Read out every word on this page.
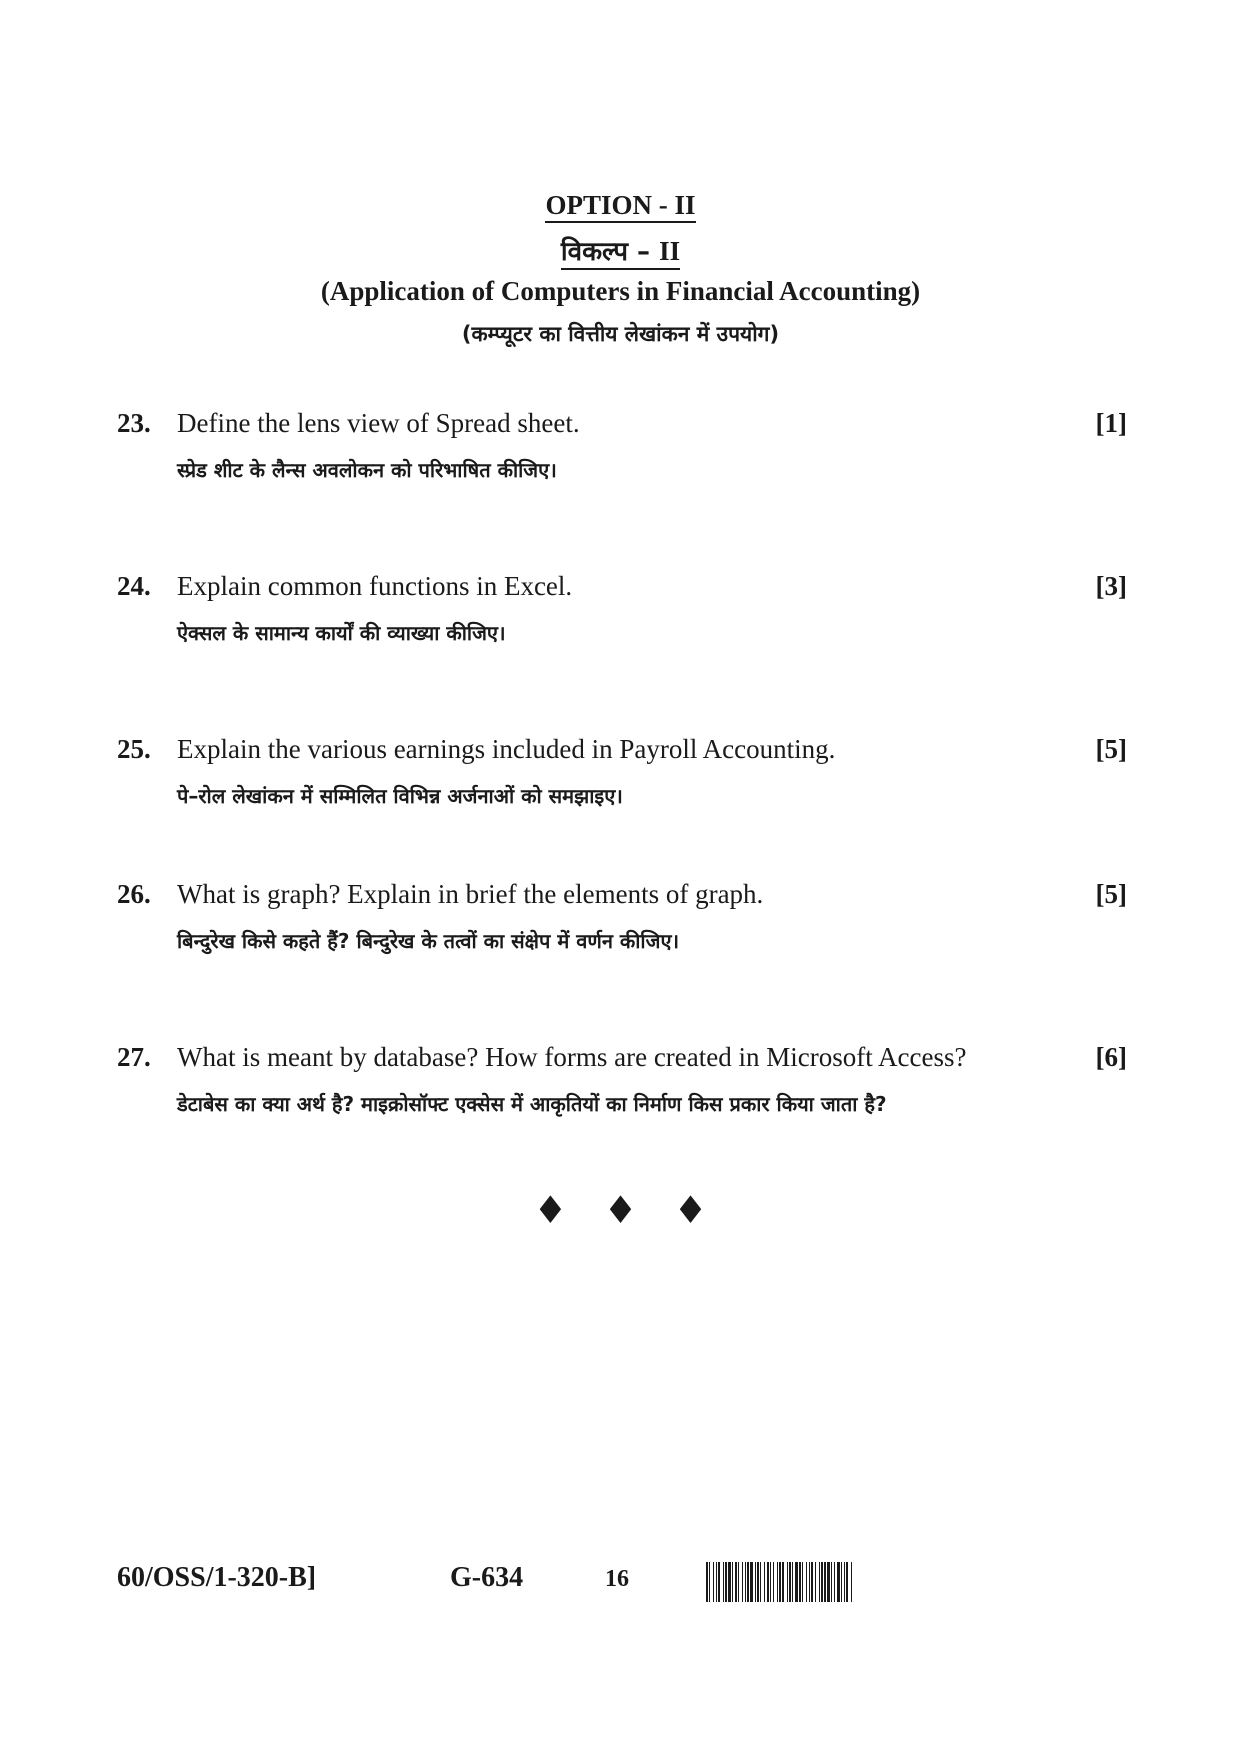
OPTION - II
विकल्प – II
(Application of Computers in Financial Accounting)
(कम्प्यूटर का वित्तीय लेखांकन में उपयोग)
23. Define the lens view of Spread sheet.	[1]
स्प्रेड शीट के लैन्स अवलोकन को परिभाषित कीजिए।
24. Explain common functions in Excel.	[3]
ऐक्सल के सामान्य कार्यों की व्याख्या कीजिए।
25. Explain the various earnings included in Payroll Accounting.	[5]
पे–रोल लेखांकन में सम्मिलित विभिन्न अर्जनाओं को समझाइए।
26. What is graph? Explain in brief the elements of graph.	[5]
बिन्दुरेख किसे कहते हैं? बिन्दुरेख के तत्वों का संक्षेप में वर्णन कीजिए।
27. What is meant by database? How forms are created in Microsoft Access?	[6]
डेटाबेस का क्या अर्थ है? माइक्रोसॉफ्ट एक्सेस में आकृतियों का निर्माण किस प्रकार किया जाता है?
♦♦♦
60/OSS/1-320-B]	G-634	16
